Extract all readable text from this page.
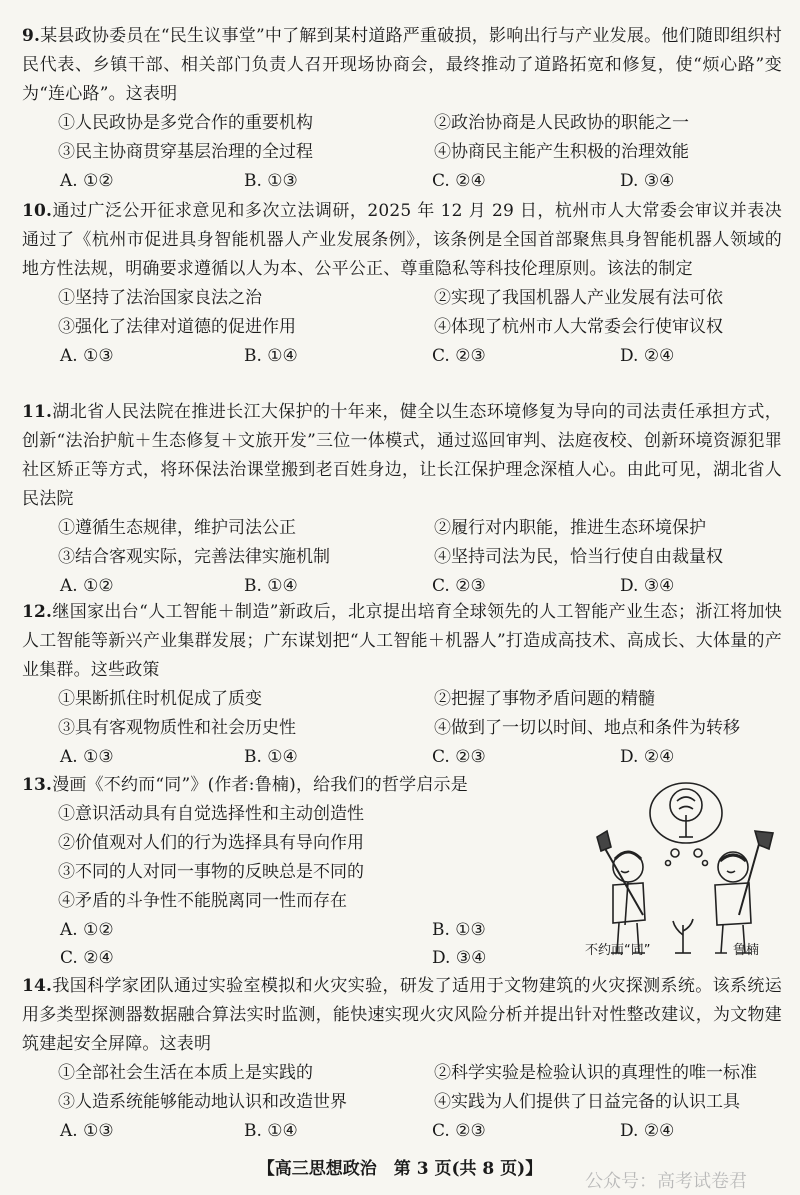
9.某县政协委员在“民生议事堂”中了解到某村道路严重破损，影响出行与产业发展。他们随即组织村民代表、乡镇干部、相关部门负责人召开现场协商会，最终推动了道路拓宽和修复，使“烦心路”变为“连心路”。这表明

①人民政协是多党合作的重要机构	②政治协商是人民政协的职能之一
③民主协商贯穿基层治理的全过程	④协商民主能产生积极的治理效能
A. ①②	B. ①③	C. ②④	D. ③④

10.通过广泛公开征求意见和多次立法调研，2025 年 12 月 29 日，杭州市人大常委会审议并表决通过了《杭州市促进具身智能机器人产业发展条例》，该条例是全国首部聚焦具身智能机器人领域的地方性法规，明确要求遵循以人为本、公平公正、尊重隐私等科技伦理原则。该法的制定

①坚持了法治国家良法之治	②实现了我国机器人产业发展有法可依
③强化了法律对道德的促进作用	④体现了杭州市人大常委会行使审议权
A. ①③	B. ①④	C. ②③	D. ②④

11.湖北省人民法院在推进长江大保护的十年来，健全以生态环境修复为导向的司法责任承担方式，创新“法治护航＋生态修复＋文旅开发”三位一体模式，通过巡回审判、法庭夜校、创新环境资源犯罪社区矫正等方式，将环保法治课堂搬到老百姓身边，让长江保护理念深植人心。由此可见，湖北省人民法院

①遵循生态规律，维护司法公正	②履行对内职能，推进生态环境保护
③结合客观实际，完善法律实施机制	④坚持司法为民，恰当行使自由裁量权
A. ①②	B. ①④	C. ②③	D. ③④

12.继国家出台“人工智能＋制造”新政后，北京提出培育全球领先的人工智能产业生态；浙江将加快人工智能等新兴产业集群发展；广东谋划把“人工智能＋机器人”打造成高技术、高成长、大体量的产业集群。这些政策

①果断抓住时机促成了质变	②把握了事物矛盾问题的精髓
③具有客观物质性和社会历史性	④做到了一切以时间、地点和条件为转移
A. ①③	B. ①④	C. ②③	D. ②④

13.漫画《不约而“同”》(作者:鲁楠)，给我们的哲学启示是

①意识活动具有自觉选择性和主动创造性
②价值观对人们的行为选择具有导向作用
③不同的人对同一事物的反映总是不同的
④矛盾的斗争性不能脱离同一性而存在
A. ①②	B. ①③
C. ②④	D. ③④	不约而“同”	鲁楠

14.我国科学家团队通过实验室模拟和火灾实验，研发了适用于文物建筑的火灾探测系统。该系统运用多类型探测器数据融合算法实时监测，能快速实现火灾风险分析并提出针对性整改建议，为文物建筑建起安全屏障。这表明

①全部社会生活在本质上是实践的	②科学实验是检验认识的真理性的唯一标准
③人造系统能够能动地认识和改造世界	④实践为人们提供了日益完备的认识工具
A. ①③	B. ①④	C. ②③	D. ②④
【高三思想政治　第 3 页(共 8 页)】
公众号：高考试卷君
